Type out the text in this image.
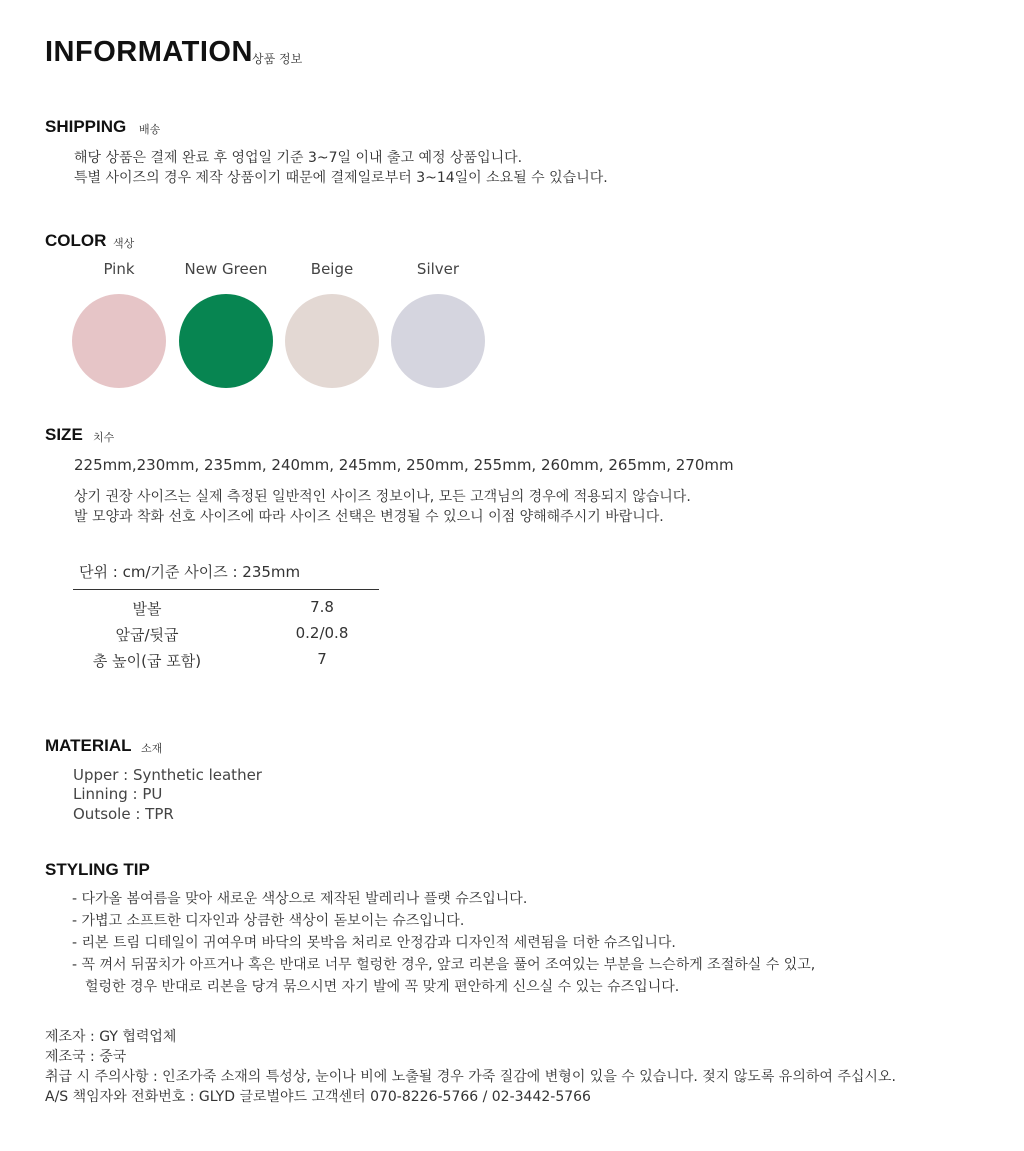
INFORMATION 상품 정보
SHIPPING 배송
해당 상품은 결제 완료 후 영업일 기준 3~7일 이내 출고 예정 상품입니다.
특별 사이즈의 경우 제작 상품이기 때문에 결제일로부터 3~14일이 소요될 수 있습니다.
COLOR 색상
Pink	New Green	Beige	Silver
SIZE 치수
225mm,230mm, 235mm, 240mm, 245mm, 250mm, 255mm, 260mm, 265mm, 270mm
상기 권장 사이즈는 실제 측정된 일반적인 사이즈 정보이나, 모든 고객님의 경우에 적용되지 않습니다.
발 모양과 착화 선호 사이즈에 따라 사이즈 선택은 변경될 수 있으니 이점 양해해주시기 바랍니다.
단위 : cm/기준 사이즈 : 235mm
발볼	7.8
앞굽/뒷굽	0.2/0.8
총 높이(굽 포함)	7
MATERIAL 소재
Upper : Synthetic leather
Linning : PU
Outsole : TPR
STYLING TIP
- 다가올 봄여름을 맞아 새로운 색상으로 제작된 발레리나 플랫 슈즈입니다.
- 가볍고 소프트한 디자인과 상큼한 색상이 돋보이는 슈즈입니다.
- 리본 트림 디테일이 귀여우며 바닥의 못박음 처리로 안정감과 디자인적 세련됨을 더한 슈즈입니다.
- 꼭 껴서 뒤꿈치가 아프거나 혹은 반대로 너무 헐렁한 경우, 앞코 리본을 풀어 조여있는 부분을 느슨하게 조절하실 수 있고,
헐렁한 경우 반대로 리본을 당겨 묶으시면 자기 발에 꼭 맞게 편안하게 신으실 수 있는 슈즈입니다.
제조자 : GY 협력업체
제조국 : 중국
취급 시 주의사항 : 인조가죽 소재의 특성상, 눈이나 비에 노출될 경우 가죽 질감에 변형이 있을 수 있습니다. 젖지 않도록 유의하여 주십시오.
A/S 책임자와 전화번호 : GLYD 글로벌야드 고객센터 070-8226-5766 / 02-3442-5766
